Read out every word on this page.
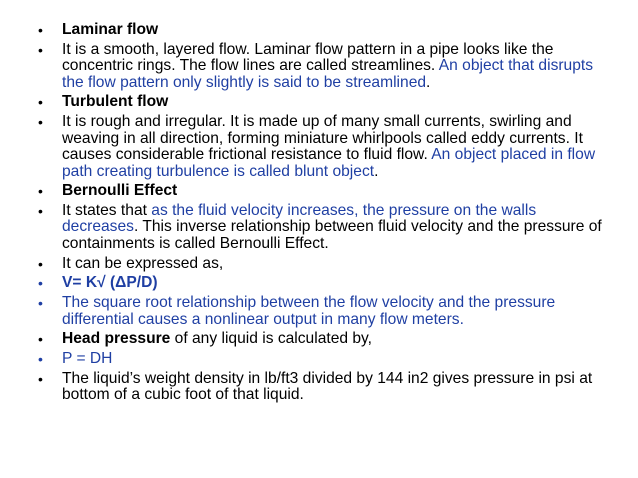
• Laminar flow
• It is a smooth, layered flow. Laminar flow pattern in a pipe looks like the concentric rings. The flow lines are called streamlines. An object that disrupts the flow pattern only slightly is said to be streamlined.
• Turbulent flow
• It is rough and irregular. It is made up of many small currents, swirling and weaving in all direction, forming miniature whirlpools called eddy currents. It causes considerable frictional resistance to fluid flow. An object placed in flow path creating turbulence is called blunt object.
• Bernoulli Effect
• It states that as the fluid velocity increases, the pressure on the walls decreases. This inverse relationship between fluid velocity and the pressure of containments is called Bernoulli Effect.
• It can be expressed as,
• V= K√ (ΔP/D)
• The square root relationship between the flow velocity and the pressure differential causes a nonlinear output in many flow meters.
• Head pressure of any liquid is calculated by,
• P = DH
• The liquid’s weight density in lb/ft3 divided by 144 in2 gives pressure in psi at bottom of a cubic foot of that liquid.
